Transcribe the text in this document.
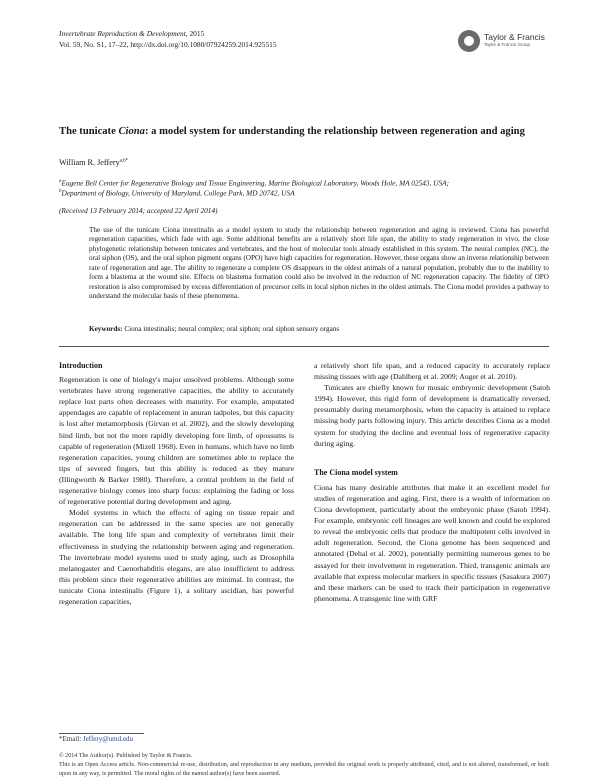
Invertebrate Reproduction & Development, 2015
Vol. 59, No. S1, 17–22, http://dx.doi.org/10.1080/07924259.2014.925515
Taylor & Francis
Taylor & Francis Group
The tunicate Ciona: a model system for understanding the relationship between regeneration and aging
William R. Jeffery$^{a,b*}$
$^a$Eugene Bell Center for Regenerative Biology and Tissue Engineering, Marine Biological Laboratory, Woods Hole, MA 02543, USA;
$^b$Department of Biology, University of Maryland, College Park, MD 20742, USA
(Received 13 February 2014; accepted 22 April 2014)
The use of the tunicate Ciona intestinalis as a model system to study the relationship between regeneration and aging is reviewed. Ciona has powerful regeneration capacities, which fade with age. Some additional benefits are a relatively short life span, the ability to study regeneration in vivo, the close phylogenetic relationship between tunicates and vertebrates, and the host of molecular tools already established in this system. The neural complex (NC), the oral siphon (OS), and the oral siphon pigment organs (OPO) have high capacities for regeneration. However, these organs show an inverse relationship between rate of regeneration and age. The ability to regenerate a complete OS disappears in the oldest animals of a natural population, probably due to the inability to form a blastema at the wound site. Effects on blastema formation could also be involved in the reduction of NC regeneration capacity. The fidelity of OPO restoration is also compromised by excess differentiation of precursor cells in local siphon niches in the oldest animals. The Ciona model provides a pathway to understand the molecular basis of these phenomena.
Keywords: Ciona intestinalis; neural complex; oral siphon; oral siphon sensory organs
Introduction

Regeneration is one of biology's major unsolved problems. Although some vertebrates have strong regenerative capacities, the ability to accurately replace lost parts often decreases with maturity. For example, amputated appendages are capable of replacement in anuran tadpoles, but this capacity is lost after metamorphosis (Girvan et al. 2002), and the slowly developing hind limb, but not the more rapidly developing fore limb, of opossums is capable of regeneration (Mizell 1968). Even in humans, which have no limb regeneration capacities, young children are sometimes able to replace the tips of severed fingers, but this ability is reduced as they mature (Illingworth & Barker 1980). Therefore, a central problem in the field of regenerative biology comes into sharp focus: explaining the fading or loss of regenerative potential during development and aging.

Model systems in which the effects of aging on tissue repair and regeneration can be addressed in the same species are not generally available. The long life span and complexity of vertebrates limit their effectiveness in studying the relationship between aging and regeneration. The invertebrate model systems used to study aging, such as Drosophila melanogaster and Caenorhabditis elegans, are also insufficient to address this problem since their regenerative abilities are minimal. In contrast, the tunicate Ciona intestinalis (Figure 1), a solitary ascidian, has powerful regeneration capacities,

a relatively short life span, and a reduced capacity to accurately replace missing tissues with age (Dahlberg et al. 2009; Auger et al. 2010).

Tunicates are chiefly known for mosaic embryonic development (Satoh 1994). However, this rigid form of development is dramatically reversed, presumably during metamorphosis, when the capacity is attained to replace missing body parts following injury. This article describes Ciona as a model system for studying the decline and eventual loss of regenerative capacity during aging.

The Ciona model system

Ciona has many desirable attributes that make it an excellent model for studies of regeneration and aging. First, there is a wealth of information on Ciona development, particularly about the embryonic phase (Satoh 1994). For example, embryonic cell lineages are well known and could be explored to reveal the embryonic cells that produce the multipotent cells involved in adult regeneration. Second, the Ciona genome has been sequenced and annotated (Dehal et al. 2002), potentially permitting numerous genes to be assayed for their involvement in regeneration. Third, transgenic animals are available that express molecular markers in specific tissues (Sasakura 2007) and these markers can be used to track their participation in regenerative phenomena. A transgenic line with GRF

*Email: Jeffery@umd.edu
© 2014 The Author(s). Published by Taylor & Francis.
This is an Open Access article. Non-commercial re-use, distribution, and reproduction in any medium, provided the original work is properly attributed, cited, and is not altered, transformed, or built upon in any way, is permitted. The moral rights of the named author(s) have been asserted.
